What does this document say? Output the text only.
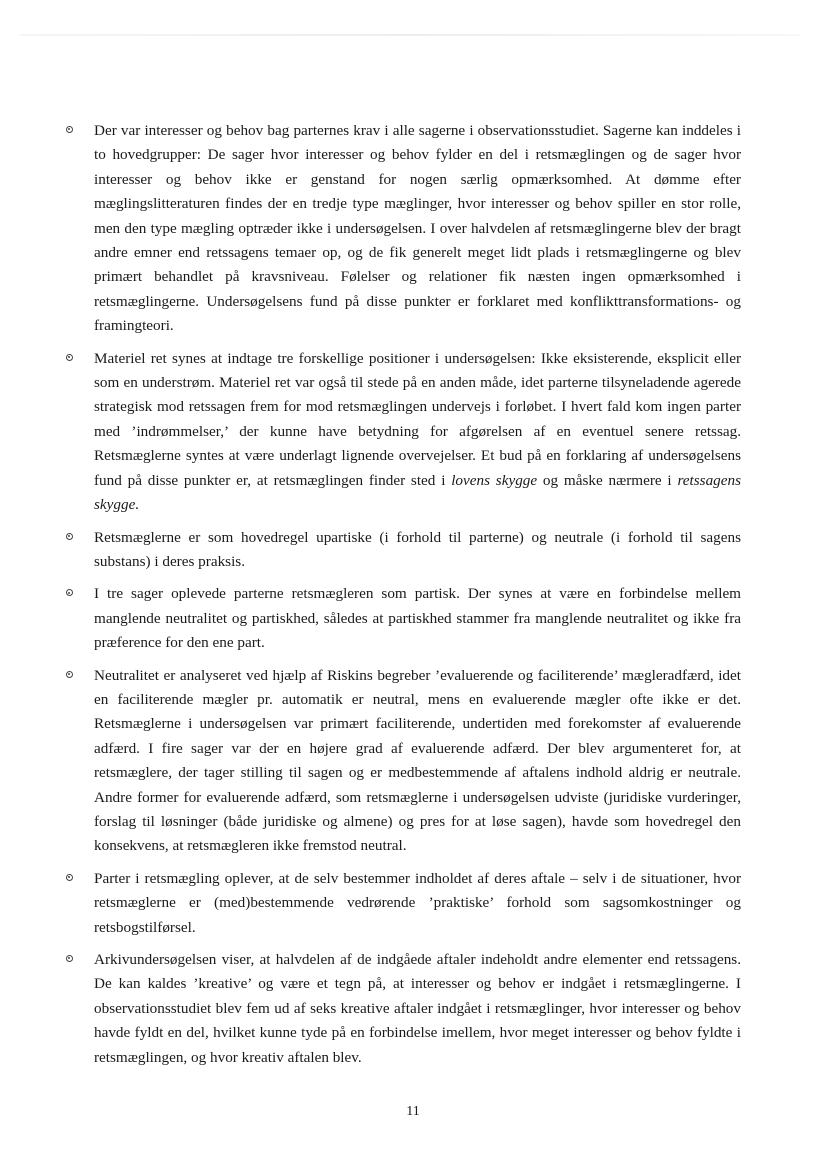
Der var interesser og behov bag parternes krav i alle sagerne i observationsstudiet. Sagerne kan inddeles i to hovedgrupper: De sager hvor interesser og behov fylder en del i retsmæglingen og de sager hvor interesser og behov ikke er genstand for nogen særlig opmærksomhed. At dømme efter mæglingslitteraturen findes der en tredje type mæglinger, hvor interesser og behov spiller en stor rolle, men den type mægling optræder ikke i undersøgelsen. I over halvdelen af retsmæglingerne blev der bragt andre emner end retssagens temaer op, og de fik generelt meget lidt plads i retsmæglingerne og blev primært behandlet på kravsniveau. Følelser og relationer fik næsten ingen opmærksomhed i retsmæglingerne. Undersøgelsens fund på disse punkter er forklaret med konflikttransformations- og framingteori.
Materiel ret synes at indtage tre forskellige positioner i undersøgelsen: Ikke eksisterende, eksplicit eller som en understrøm. Materiel ret var også til stede på en anden måde, idet parterne tilsyneladende agerede strategisk mod retssagen frem for mod retsmæglingen undervejs i forløbet. I hvert fald kom ingen parter med ’indrømmelser,’ der kunne have betydning for afgørelsen af en eventuel senere retssag. Retsmæglerne syntes at være underlagt lignende overvejelser. Et bud på en forklaring af undersøgelsens fund på disse punkter er, at retsmæglingen finder sted i lovens skygge og måske nærmere i retssagens skygge.
Retsmæglerne er som hovedregel upartiske (i forhold til parterne) og neutrale (i forhold til sagens substans) i deres praksis.
I tre sager oplevede parterne retsmægleren som partisk. Der synes at være en forbindelse mellem manglende neutralitet og partiskhed, således at partiskhed stammer fra manglende neutralitet og ikke fra præference for den ene part.
Neutralitet er analyseret ved hjælp af Riskins begreber ’evaluerende og faciliterende’ mægleradfærd, idet en faciliterende mægler pr. automatik er neutral, mens en evaluerende mægler ofte ikke er det. Retsmæglerne i undersøgelsen var primært faciliterende, undertiden med forekomster af evaluerende adfærd. I fire sager var der en højere grad af evaluerende adfærd. Der blev argumenteret for, at retsmæglere, der tager stilling til sagen og er medbestemmende af aftalens indhold aldrig er neutrale. Andre former for evaluerende adfærd, som retsmæglerne i undersøgelsen udviste (juridiske vurderinger, forslag til løsninger (både juridiske og almene) og pres for at løse sagen), havde som hovedregel den konsekvens, at retsmægleren ikke fremstod neutral.
Parter i retsmægling oplever, at de selv bestemmer indholdet af deres aftale – selv i de situationer, hvor retsmæglerne er (med)bestemmende vedrørende ’praktiske’ forhold som sagsomkostninger og retsbogstilførsel.
Arkivundersøgelsen viser, at halvdelen af de indgåede aftaler indeholdt andre elementer end retssagens. De kan kaldes ’kreative’ og være et tegn på, at interesser og behov er indgået i retsmæglingerne. I observationsstudiet blev fem ud af seks kreative aftaler indgået i retsmæglinger, hvor interesser og behov havde fyldt en del, hvilket kunne tyde på en forbindelse imellem, hvor meget interesser og behov fyldte i retsmæglingen, og hvor kreativ aftalen blev.
11
